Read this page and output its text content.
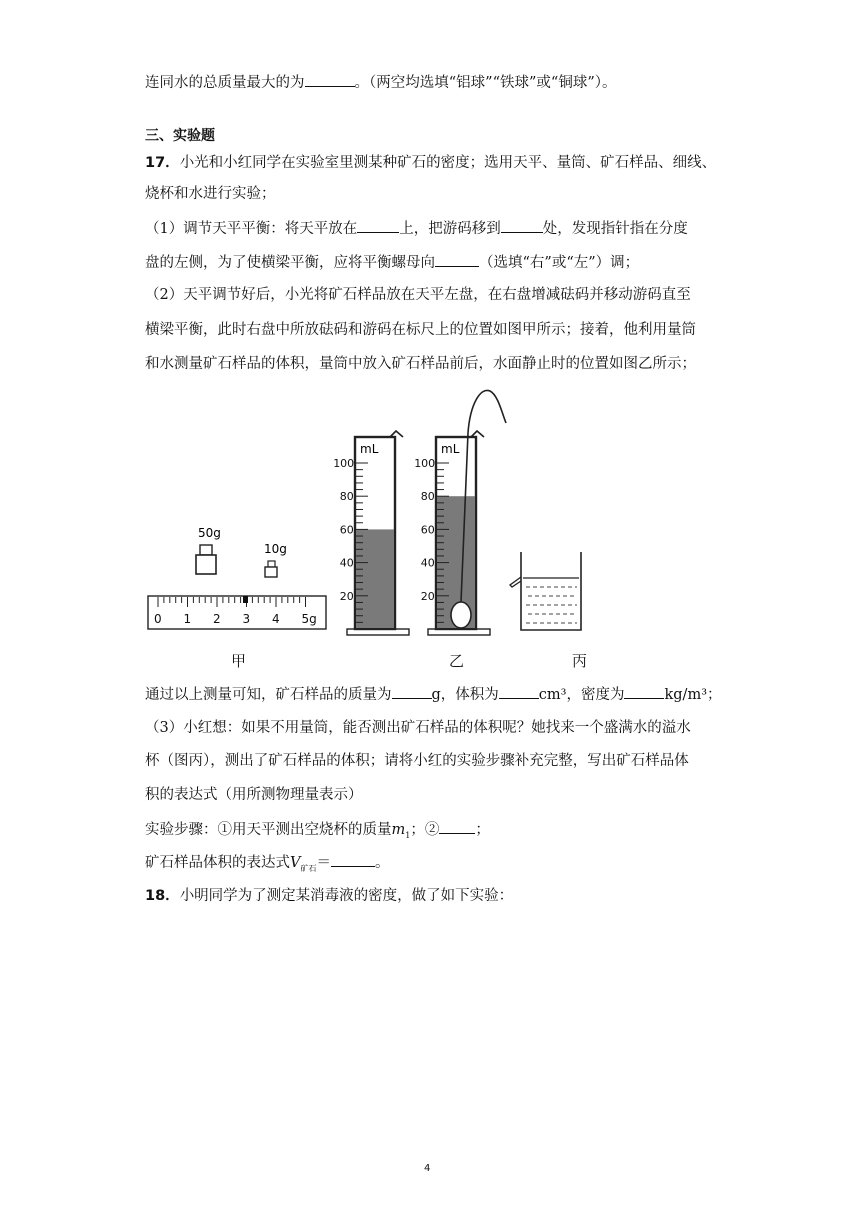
连同水的总质量最大的为	。（两空均选填“铝球”“铁球”或“铜球”）。
三、实验题
17．小光和小红同学在实验室里测某种矿石的密度；选用天平、量筒、矿石样品、细线、
烧杯和水进行实验；
（1）调节天平平衡：将天平放在	上，把游码移到	处，发现指针指在分度
盘的左侧，为了使横梁平衡，应将平衡螺母向	（选填“右”或“左”）调；
（2）天平调节好后，小光将矿石样品放在天平左盘，在右盘增减砝码并移动游码直至
横梁平衡，此时右盘中所放砝码和游码在标尺上的位置如图甲所示；接着，他利用量筒
和水测量矿石样品的体积，量筒中放入矿石样品前后，水面静止时的位置如图乙所示；
50g
10g
0 1 2 3 4 5g
mL
100
80
60
40
20
mL
100
80
60
40
20
甲	乙	丙
通过以上测量可知，矿石样品的质量为	g，体积为	cm³，密度为	kg/m³；
（3）小红想：如果不用量筒，能否测出矿石样品的体积呢？她找来一个盛满水的溢水
杯（图丙），测出了矿石样品的体积；请将小红的实验步骤补充完整，写出矿石样品体
积的表达式（用所测物理量表示）
实验步骤：①用天平测出空烧杯的质量$m_1$；② ；
矿石样品体积的表达式$V_{矿石}=$	。
18．小明同学为了测定某消毒液的密度，做了如下实验：
4
